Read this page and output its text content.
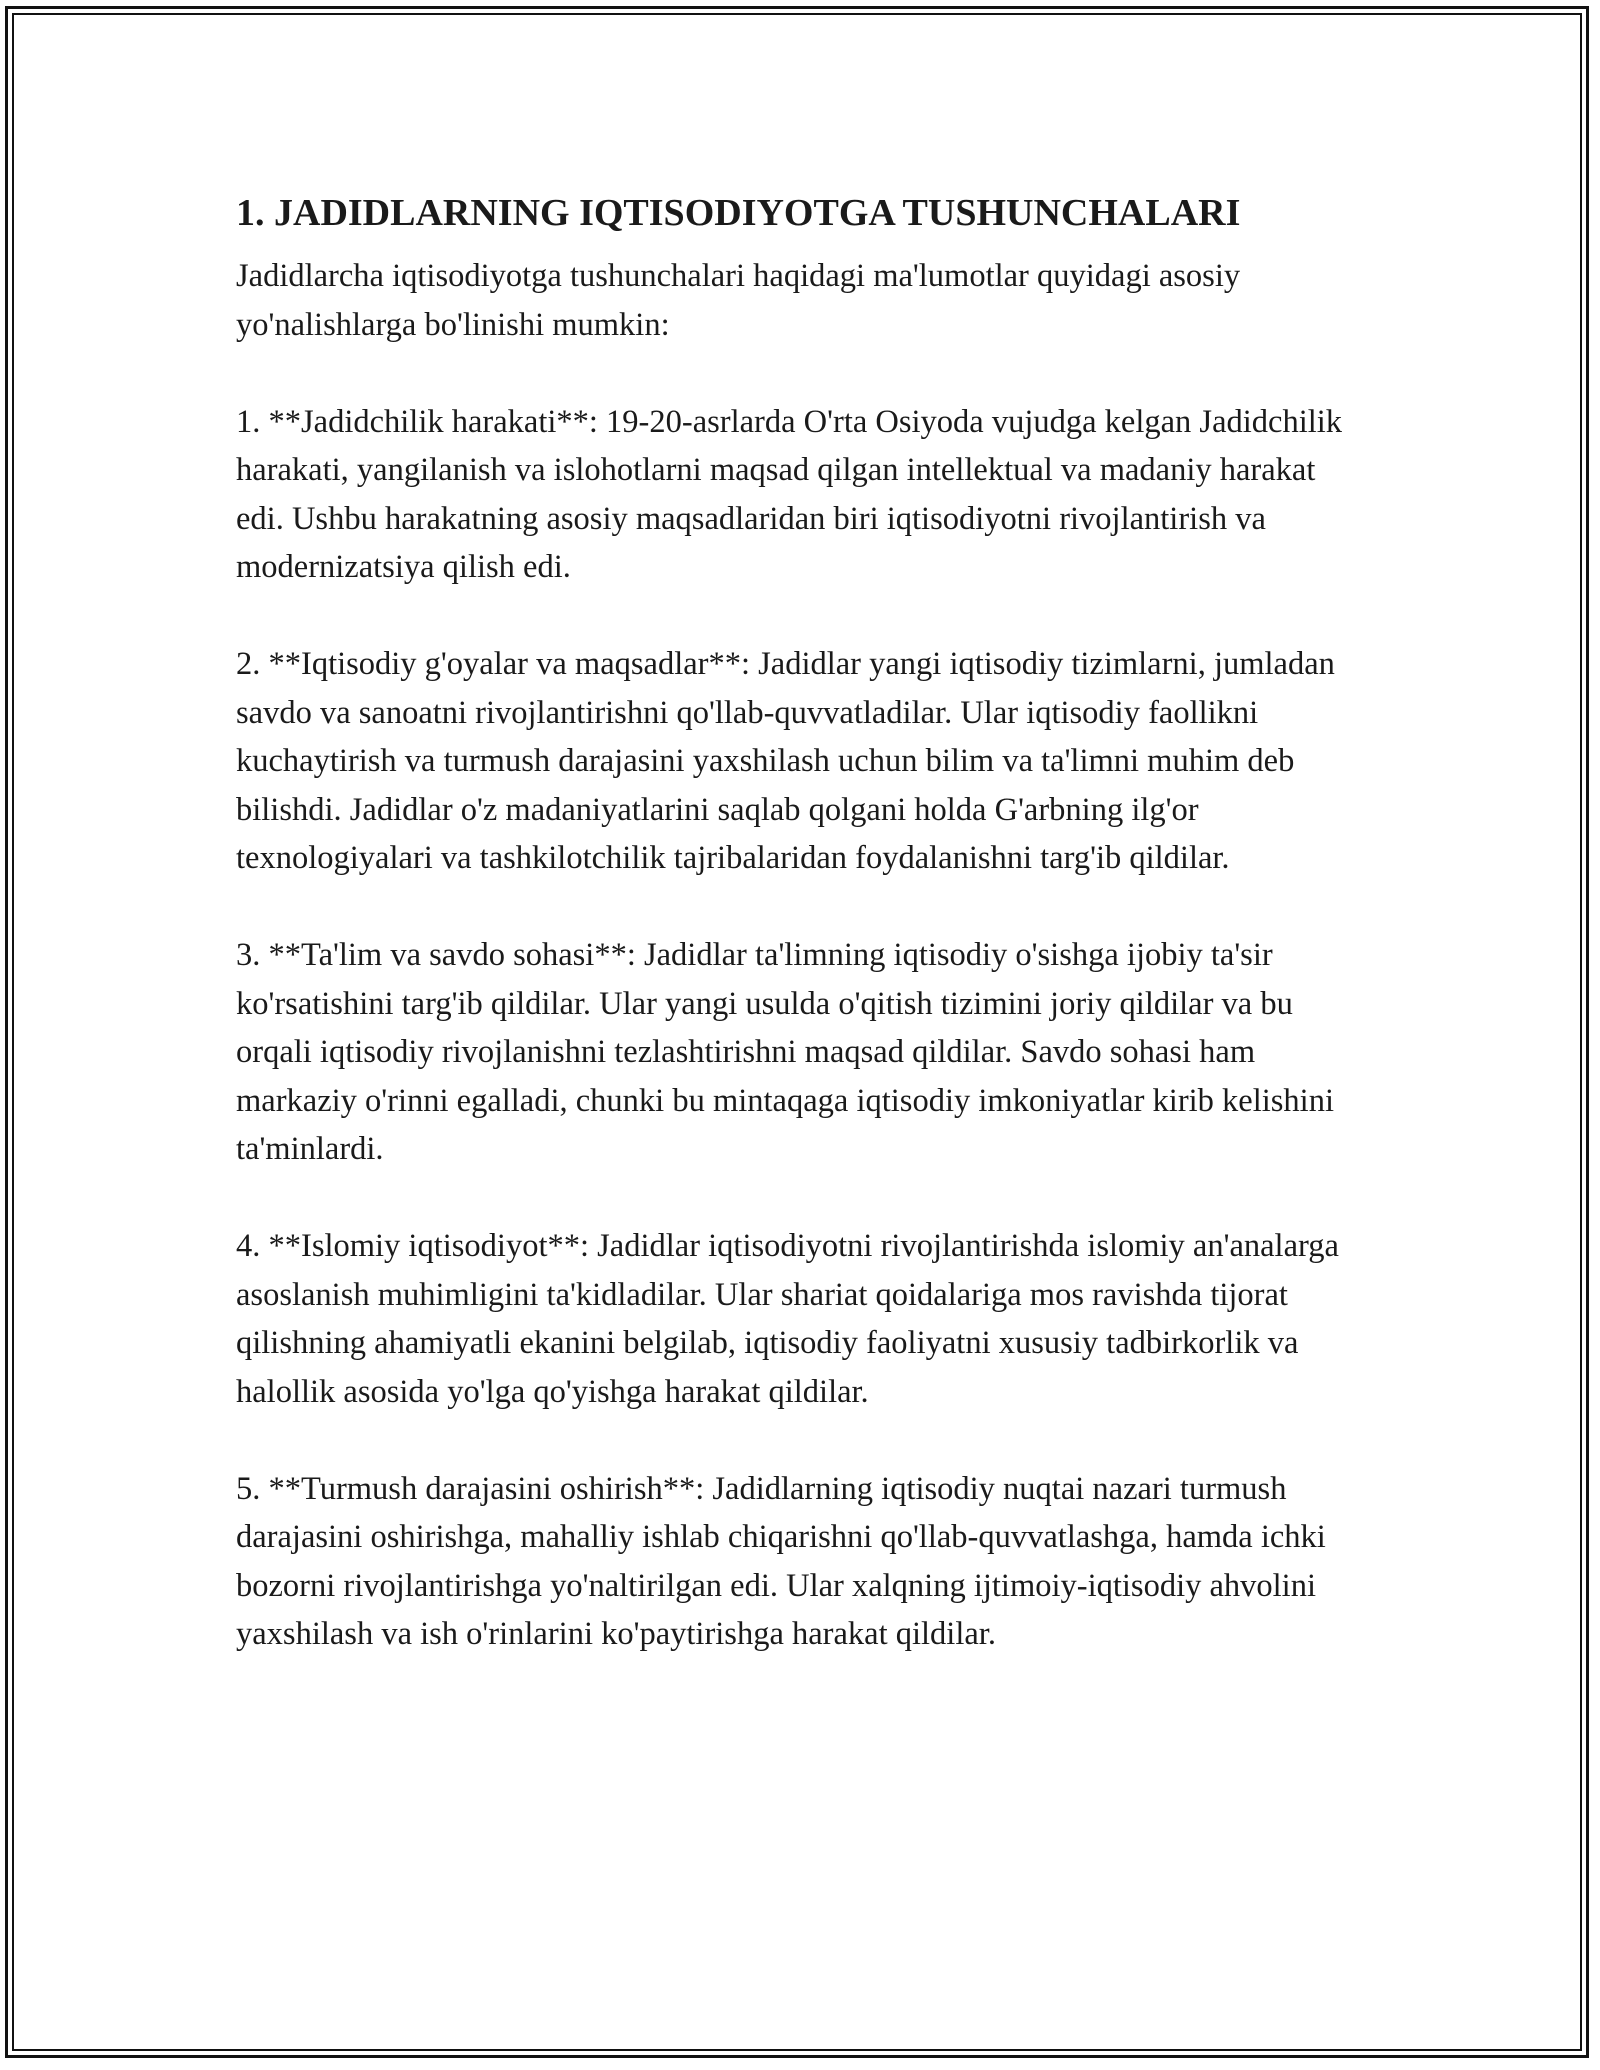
1. JADIDLARNING IQTISODIYOTGA TUSHUNCHALARI

Jadidlarcha iqtisodiyotga tushunchalari haqidagi ma'lumotlar quyidagi asosiy yo'nalishlarga bo'linishi mumkin:

1. **Jadidchilik harakati**: 19-20-asrlarda O'rta Osiyoda vujudga kelgan Jadidchilik harakati, yangilanish va islohotlarni maqsad qilgan intellektual va madaniy harakat edi. Ushbu harakatning asosiy maqsadlaridan biri iqtisodiyotni rivojlantirish va modernizatsiya qilish edi.

2. **Iqtisodiy g'oyalar va maqsadlar**: Jadidlar yangi iqtisodiy tizimlarni, jumladan savdo va sanoatni rivojlantirishni qo'llab-quvvatladilar. Ular iqtisodiy faollikni kuchaytirish va turmush darajasini yaxshilash uchun bilim va ta'limni muhim deb bilishdi. Jadidlar o'z madaniyatlarini saqlab qolgani holda G'arbning ilg'or texnologiyalari va tashkilotchilik tajribalaridan foydalanishni targ'ib qildilar.

3. **Ta'lim va savdo sohasi**: Jadidlar ta'limning iqtisodiy o'sishga ijobiy ta'sir ko'rsatishini targ'ib qildilar. Ular yangi usulda o'qitish tizimini joriy qildilar va bu orqali iqtisodiy rivojlanishni tezlashtirishni maqsad qildilar. Savdo sohasi ham markaziy o'rinni egalladi, chunki bu mintaqaga iqtisodiy imkoniyatlar kirib kelishini ta'minlardi.

4. **Islomiy iqtisodiyot**: Jadidlar iqtisodiyotni rivojlantirishda islomiy an'analarga asoslanish muhimligini ta'kidladilar. Ular shariat qoidalariga mos ravishda tijorat qilishning ahamiyatli ekanini belgilab, iqtisodiy faoliyatni xususiy tadbirkorlik va halollik asosida yo'lga qo'yishga harakat qildilar.

5. **Turmush darajasini oshirish**: Jadidlarning iqtisodiy nuqtai nazari turmush darajasini oshirishga, mahalliy ishlab chiqarishni qo'llab-quvvatlashga, hamda ichki bozorni rivojlantirishga yo'naltirilgan edi. Ular xalqning ijtimoiy-iqtisodiy ahvolini yaxshilash va ish o'rinlarini ko'paytirishga harakat qildilar.
